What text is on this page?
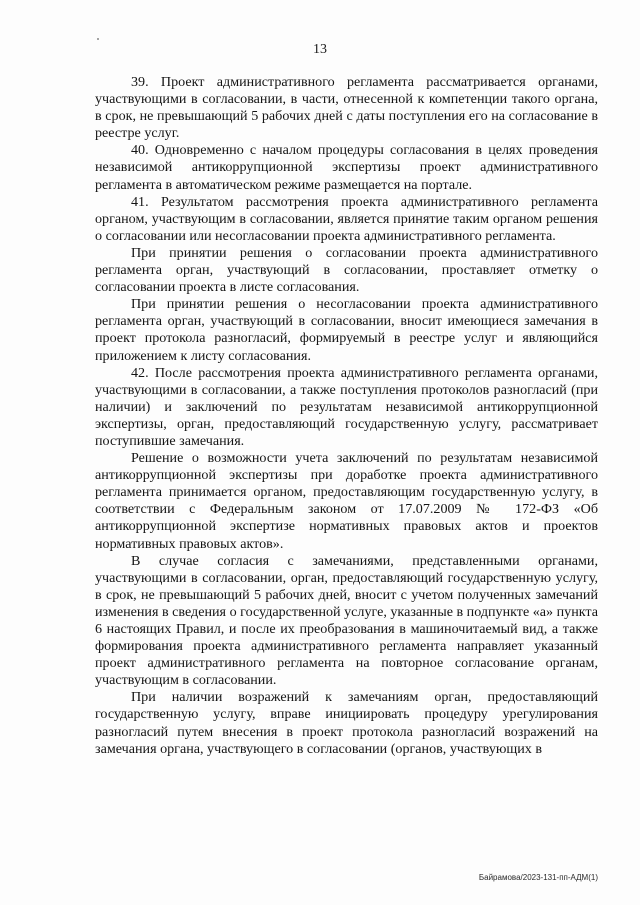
13

39. Проект административного регламента рассматривается органами, участвующими в согласовании, в части, отнесенной к компетенции такого органа, в срок, не превышающий 5 рабочих дней с даты поступления его на согласование в реестре услуг.

40. Одновременно с началом процедуры согласования в целях проведения независимой антикоррупционной экспертизы проект административного регламента в автоматическом режиме размещается на портале.

41. Результатом рассмотрения проекта административного регламента органом, участвующим в согласовании, является принятие таким органом решения о согласовании или несогласовании проекта административного регламента.

При принятии решения о согласовании проекта административного регламента орган, участвующий в согласовании, проставляет отметку о согласовании проекта в листе согласования.

При принятии решения о несогласовании проекта административного регламента орган, участвующий в согласовании, вносит имеющиеся замечания в проект протокола разногласий, формируемый в реестре услуг и являющийся приложением к листу согласования.

42. После рассмотрения проекта административного регламента органами, участвующими в согласовании, а также поступления протоколов разногласий (при наличии) и заключений по результатам независимой антикоррупционной экспертизы, орган, предоставляющий государственную услугу, рассматривает поступившие замечания.

Решение о возможности учета заключений по результатам независимой антикоррупционной экспертизы при доработке проекта административного регламента принимается органом, предоставляющим государственную услугу, в соответствии с Федеральным законом от 17.07.2009 № 172-ФЗ «Об антикоррупционной экспертизе нормативных правовых актов и проектов нормативных правовых актов».

В случае согласия с замечаниями, представленными органами, участвующими в согласовании, орган, предоставляющий государственную услугу, в срок, не превышающий 5 рабочих дней, вносит с учетом полученных замечаний изменения в сведения о государственной услуге, указанные в подпункте «а» пункта 6 настоящих Правил, и после их преобразования в машиночитаемый вид, а также формирования проекта административного регламента направляет указанный проект административного регламента на повторное согласование органам, участвующим в согласовании.

При наличии возражений к замечаниям орган, предоставляющий государственную услугу, вправе инициировать процедуру урегулирования разногласий путем внесения в проект протокола разногласий возражений на замечания органа, участвующего в согласовании (органов, участвующих в

Байрамова/2023-131-пп-АДМ(1)
